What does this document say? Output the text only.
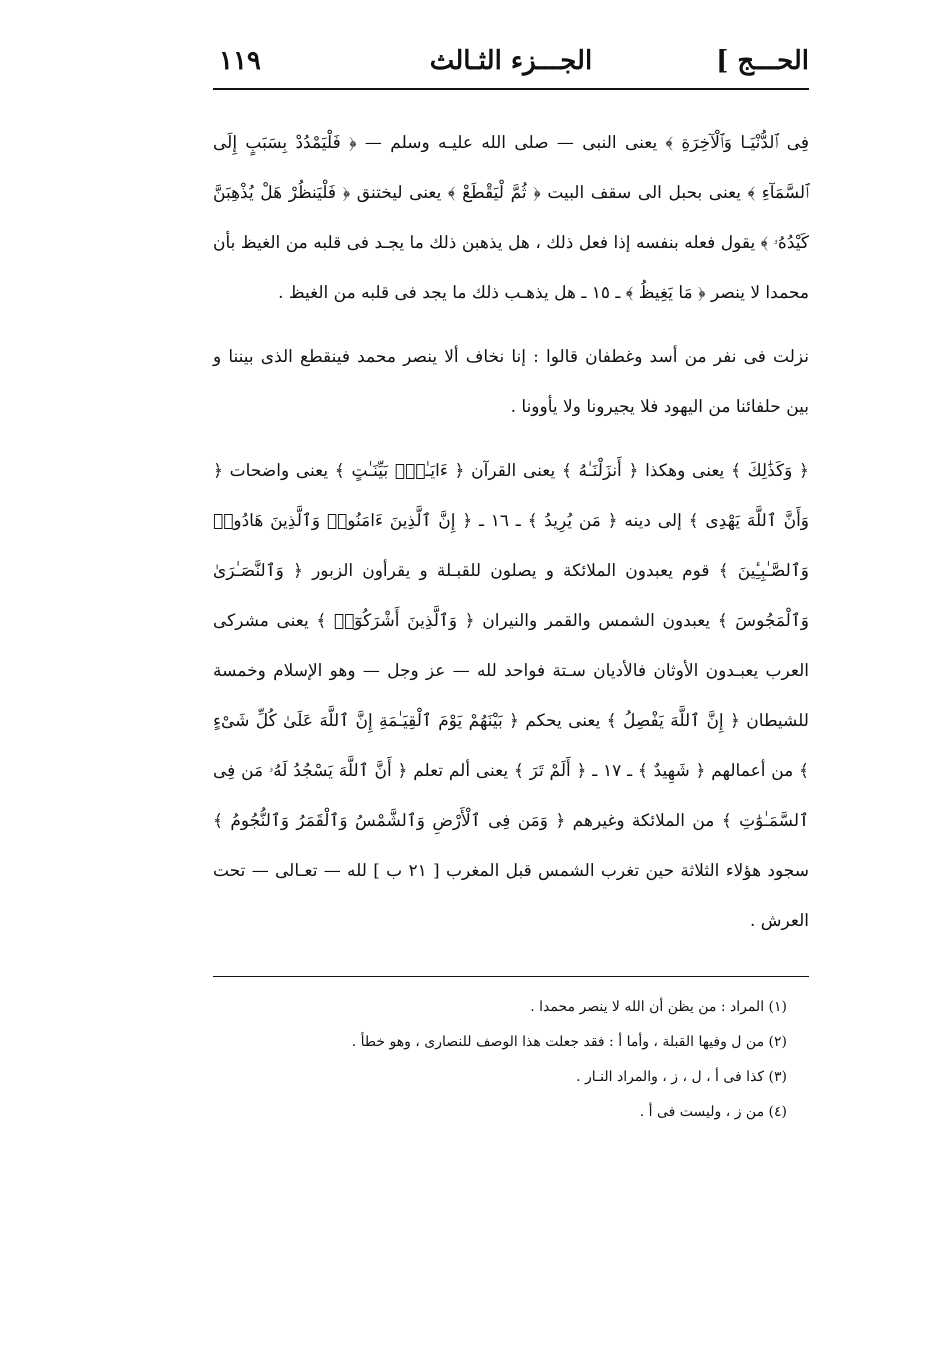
الحـــج ]
الجـــزء الثـالث
١١٩

فِى ٱلدُّنْيَـا وَٱلْآخِرَةِ ﴾ يعنى النبى — صلى الله عليـه وسلم — ﴿ فَلْيَمْدُدْ بِسَبَبٍ إِلَى ٱلسَّمَآءِ ﴾ يعنى بحبل الى سقف البيت ﴿ ثُمَّ لْيَقْطَعْ ﴾ يعنى ليختنق ﴿ فَلْيَنظُرْ هَلْ يُذْهِبَنَّ كَيْدُهُۥ ﴾ يقول فعله بنفسه إذا فعل ذلك ، هل يذهبن ذلك ما يجـد فى قلبه من الغيظ بأن محمدا لا ينصر ﴿ مَا يَغِيظُ ﴾ ـ ١٥ ـ هل يذهـب ذلك ما يجد فى قلبه من الغيظ .

نزلت فى نفر من أسد وغطفان قالوا : إنا نخاف ألا ينصر محمد فينقطع الذى بيننا و بين حلفائنا من اليهود فلا يجيرونا ولا يأوونا .

﴿ وَكَذَٰلِكَ ﴾ يعنى وهكذا ﴿ أَنزَلْنَـٰهُ ﴾ يعنى القرآن ﴿ ءَايَـٰتٍۭ بَيِّنَـٰتٍ ﴾ يعنى واضحات ﴿ وَأَنَّ ٱللَّهَ يَهْدِى ﴾ إلى دينه ﴿ مَن يُرِيدُ ﴾ ـ ١٦ ـ ﴿ إِنَّ ٱلَّذِينَ ءَامَنُوا۟ وَٱلَّذِينَ هَادُوا۟ وَٱلصَّـٰبِـِٔينَ ﴾ قوم يعبدون الملائكة و يصلون للقبـلة و يقرأون الزبور ﴿ وَٱلنَّصَـٰرَىٰ وَٱلْمَجُوسَ ﴾ يعبدون الشمس والقمر والنيران ﴿ وَٱلَّذِينَ أَشْرَكُوٓا۟ ﴾ يعنى مشركى العرب يعبـدون الأوثان فالأديان سـتة فواحد لله — عز وجل — وهو الإسلام وخمسة للشيطان ﴿ إِنَّ ٱللَّهَ يَفْصِلُ ﴾ يعنى يحكم ﴿ بَيْنَهُمْ يَوْمَ ٱلْقِيَـٰمَةِ إِنَّ ٱللَّهَ عَلَىٰ كُلِّ شَىْءٍ ﴾ من أعمالهم ﴿ شَهِيدٌ ﴾ ـ ١٧ ـ ﴿ أَلَمْ تَرَ ﴾ يعنى ألم تعلم ﴿ أَنَّ ٱللَّهَ يَسْجُدُ لَهُۥ مَن فِى ٱلسَّمَـٰوَٰتِ ﴾ من الملائكة وغيرهم ﴿ وَمَن فِى ٱلْأَرْضِ وَٱلشَّمْسُ وَٱلْقَمَرُ وَٱلنُّجُومُ ﴾ سجود هؤلاء الثلاثة حين تغرب الشمس قبل المغرب [ ٢١ ب ] لله — تعـالى — تحت العرش .

(١) المراد : من يظن أن الله لا ينصر محمدا .
(٢) من ل وفيها القبلة ، وأما أ : فقد جعلت هذا الوصف للنصارى ، وهو خطأ .
(٣) كذا فى أ ، ل ، ز ، والمراد النـار .
(٤) من ز ، وليست فى أ .
